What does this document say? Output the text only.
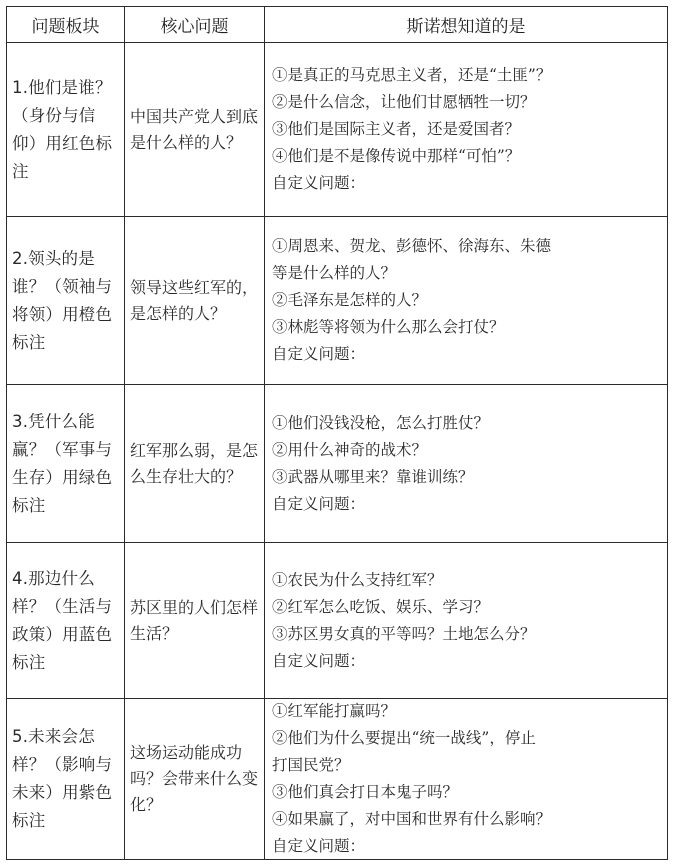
问题板块	核心问题	斯诺想知道的是
1.他们是谁？（身份与信仰）用红色标注
中国共产党人到底是什么样的人？
①是真正的马克思主义者，还是“土匪”？
②是什么信念，让他们甘愿牺牲一切？
③他们是国际主义者，还是爱国者？
④他们是不是像传说中那样“可怕”？
自定义问题：
2.领头的是谁？（领袖与将领）用橙色标注
领导这些红军的，是怎样的人？
①周恩来、贺龙、彭德怀、徐海东、朱德
等是什么样的人？
②毛泽东是怎样的人？
③林彪等将领为什么那么会打仗？
自定义问题：
3.凭什么能赢？（军事与生存）用绿色标注
红军那么弱，是怎么生存壮大的？
①他们没钱没枪，怎么打胜仗？
②用什么神奇的战术？
③武器从哪里来？靠谁训练？
自定义问题：
4.那边什么样？（生活与政策）用蓝色标注
苏区里的人们怎样生活？
①农民为什么支持红军？
②红军怎么吃饭、娱乐、学习？
③苏区男女真的平等吗？土地怎么分？
自定义问题：
5.未来会怎样？（影响与未来）用紫色标注
这场运动能成功吗？会带来什么变化？
①红军能打赢吗？
②他们为什么要提出“统一战线”，停止
打国民党？
③他们真会打日本鬼子吗？
④如果赢了，对中国和世界有什么影响？
自定义问题：
